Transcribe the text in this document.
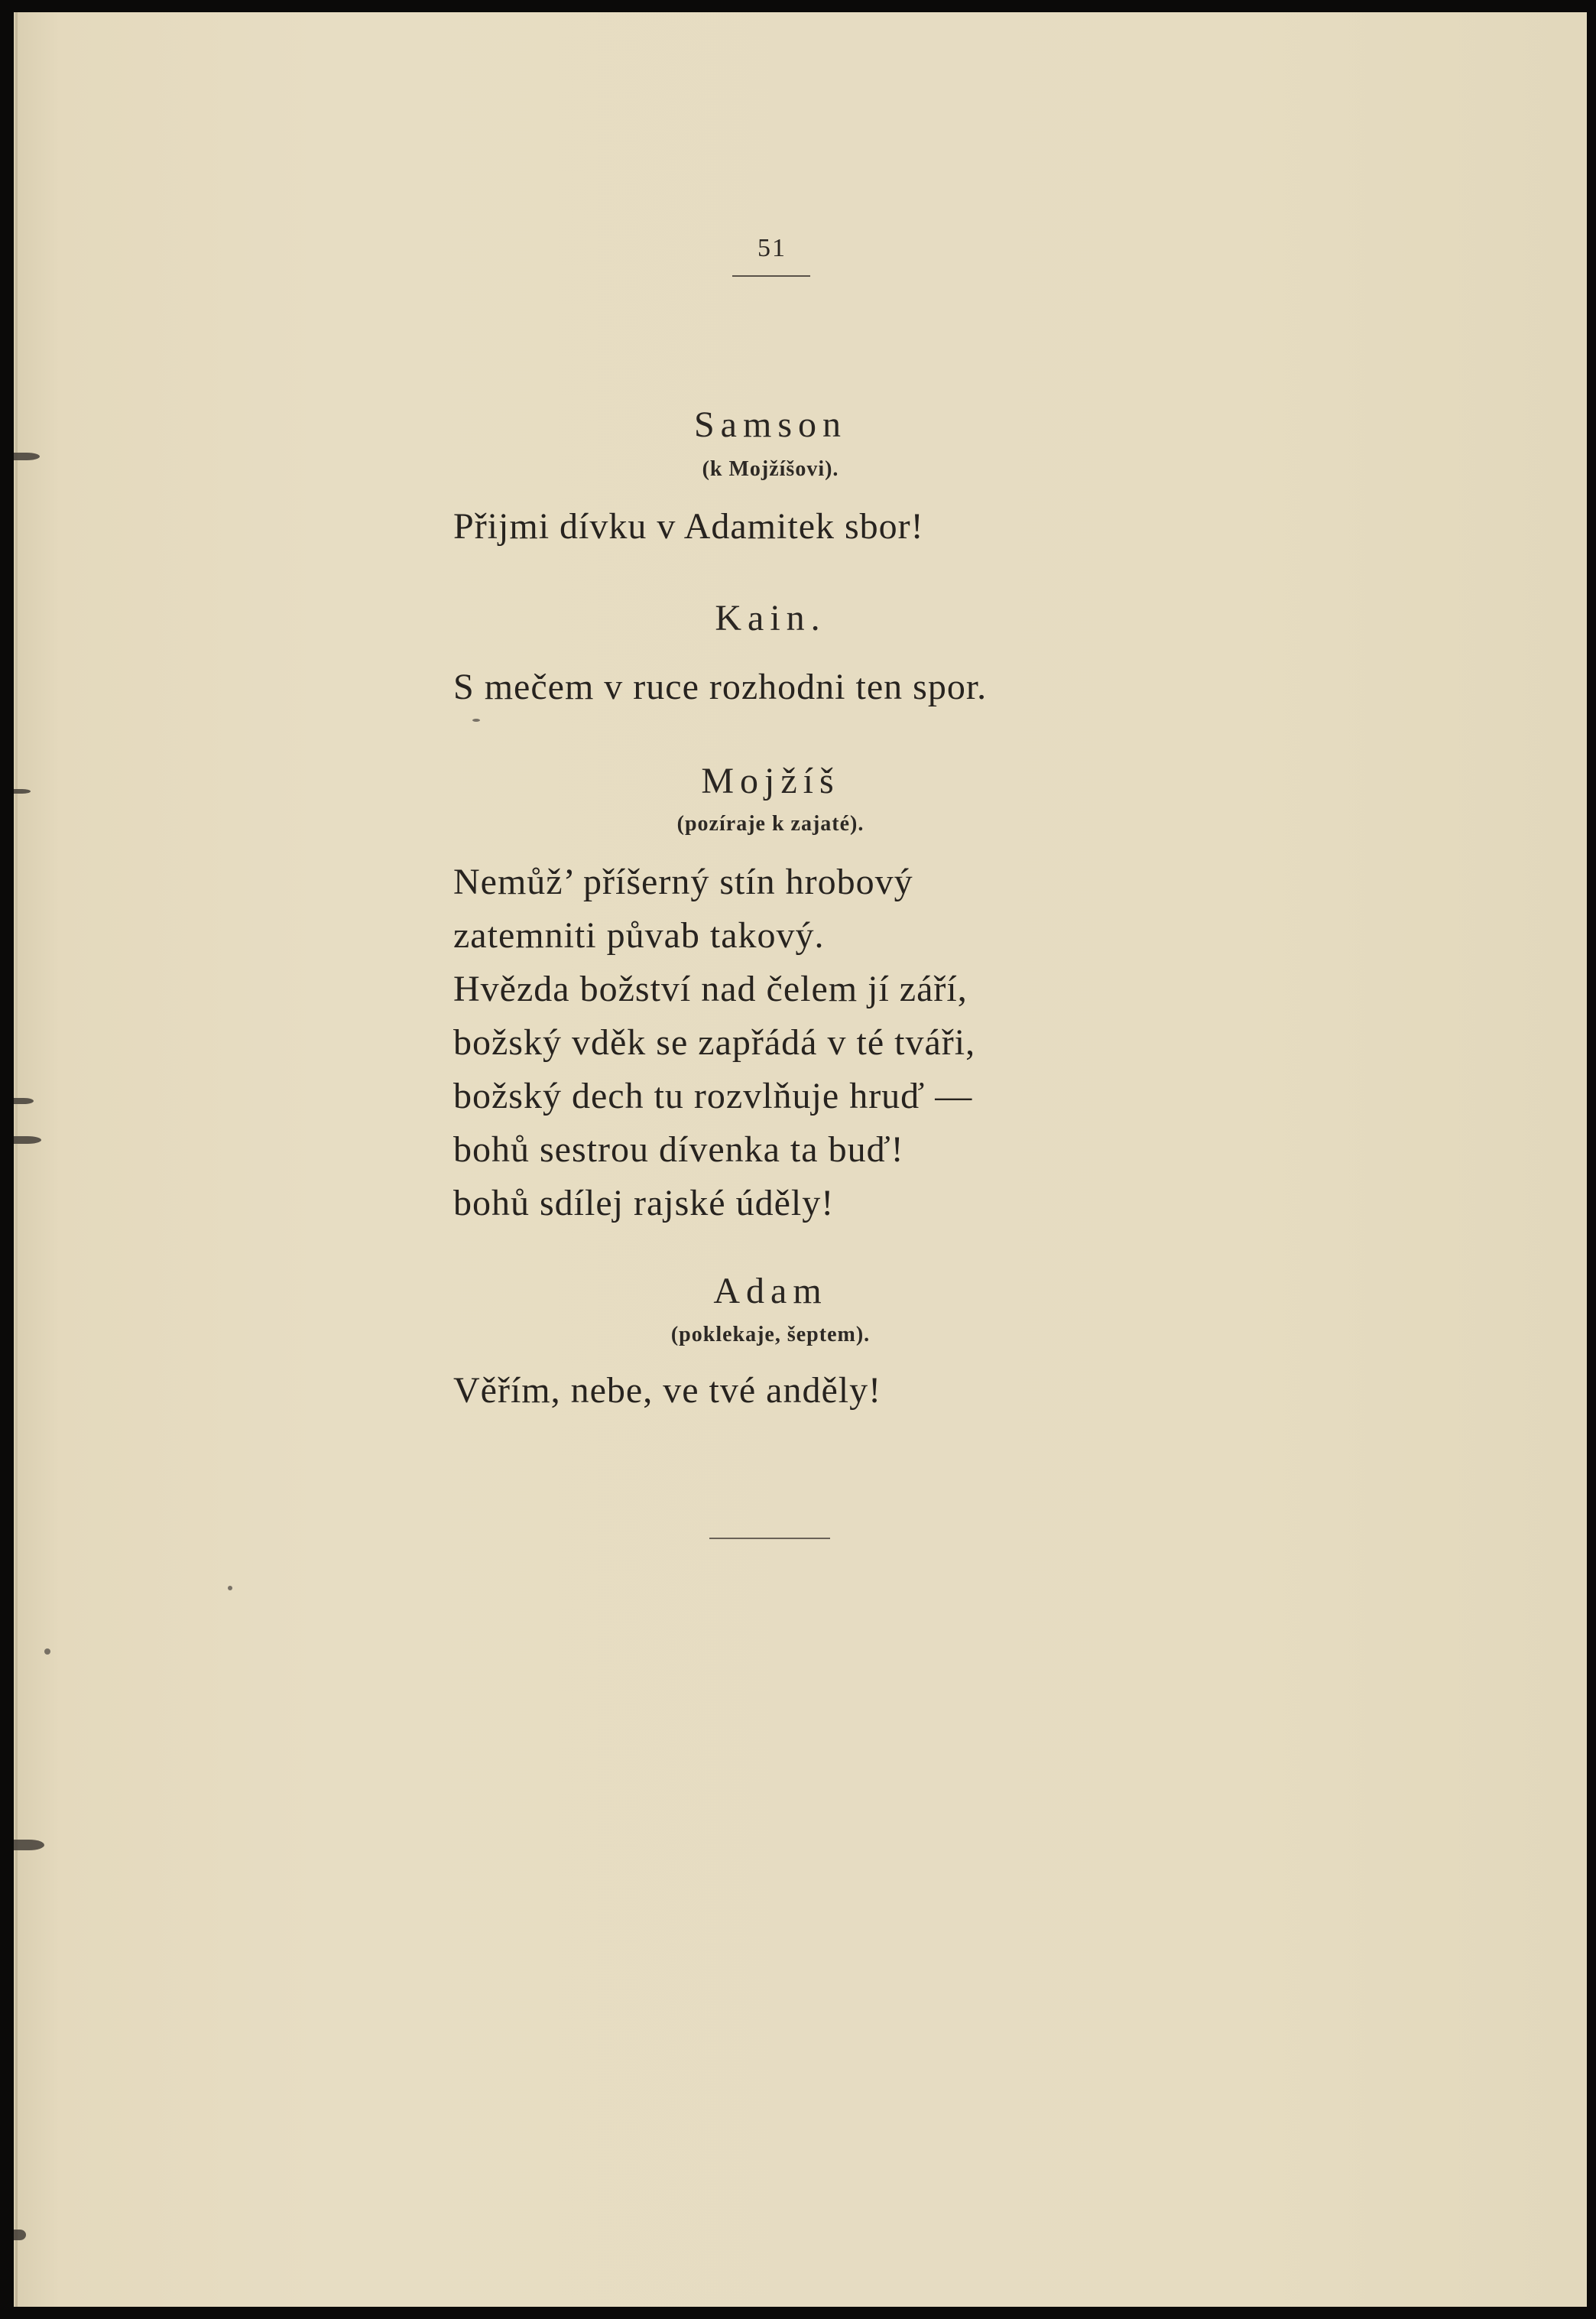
51
Samson
(k Mojžíšovi).
Přijmi dívku v Adamitek sbor!
Kain.
S mečem v ruce rozhodni ten spor.
Mojžíš
(pozíraje k zajaté).
Nemůž’ příšerný stín hrobový
zatemniti půvab takový.
Hvězda božství nad čelem jí září,
božský vděk se zapřádá v té tváři,
božský dech tu rozvlňuje hruď —
bohů sestrou dívenka ta buď!
bohů sdílej rajské úděly!
Adam
(poklekaje, šeptem).
Věřím, nebe, ve tvé anděly!
